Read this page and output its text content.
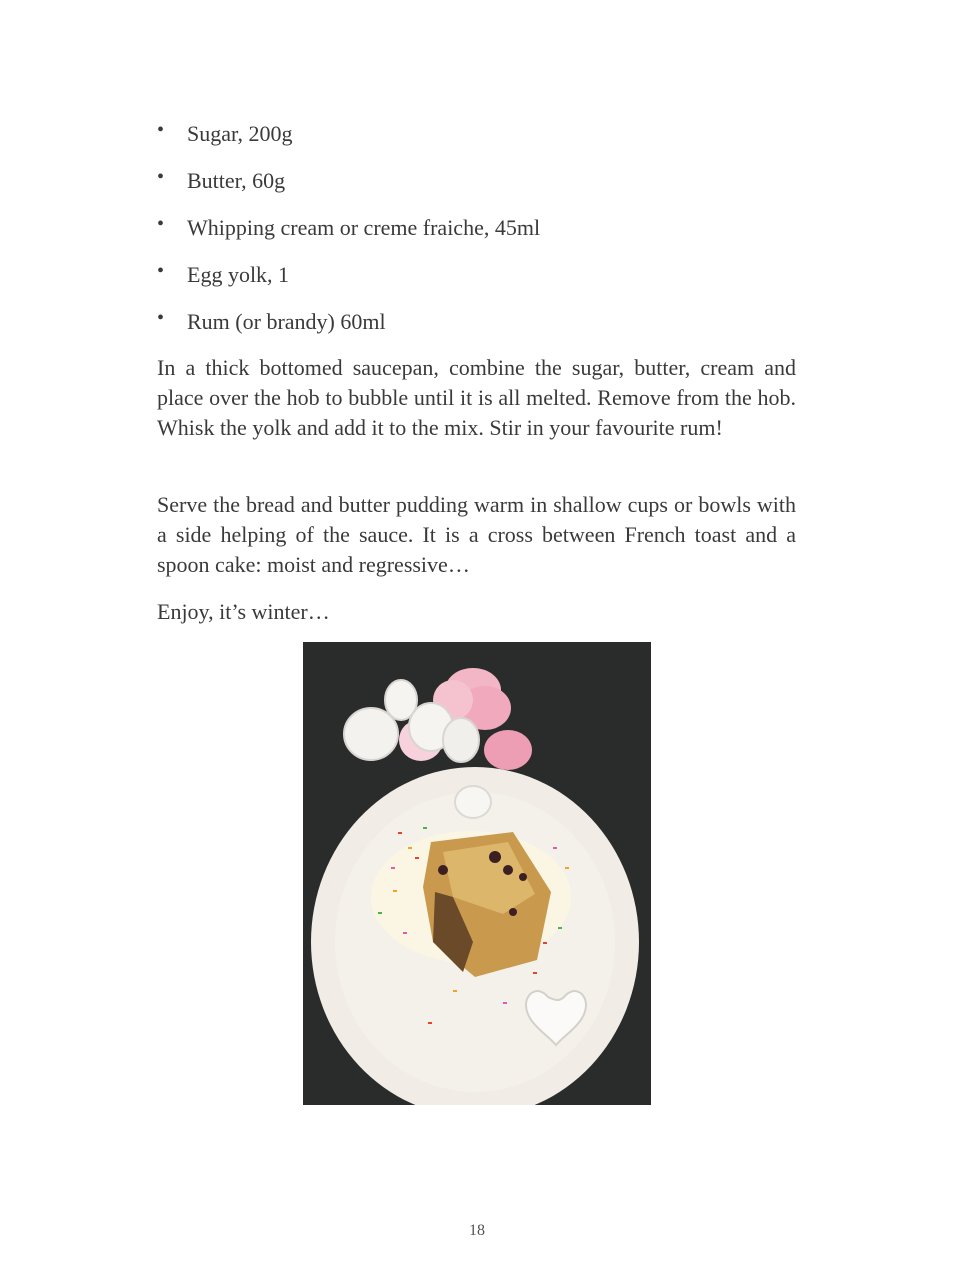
• Sugar, 200g
• Butter, 60g
• Whipping cream or creme fraiche, 45ml
• Egg yolk, 1
• Rum (or brandy) 60ml

In a thick bottomed saucepan, combine the sugar, butter, cream and place over the hob to bubble until it is all melted. Remove from the hob. Whisk the yolk and add it to the mix. Stir in your favourite rum!

Serve the bread and butter pudding warm in shallow cups or bowls with a side helping of the sauce. It is a cross between French toast and a spoon cake: moist and regressive…

Enjoy, it’s winter…

18
